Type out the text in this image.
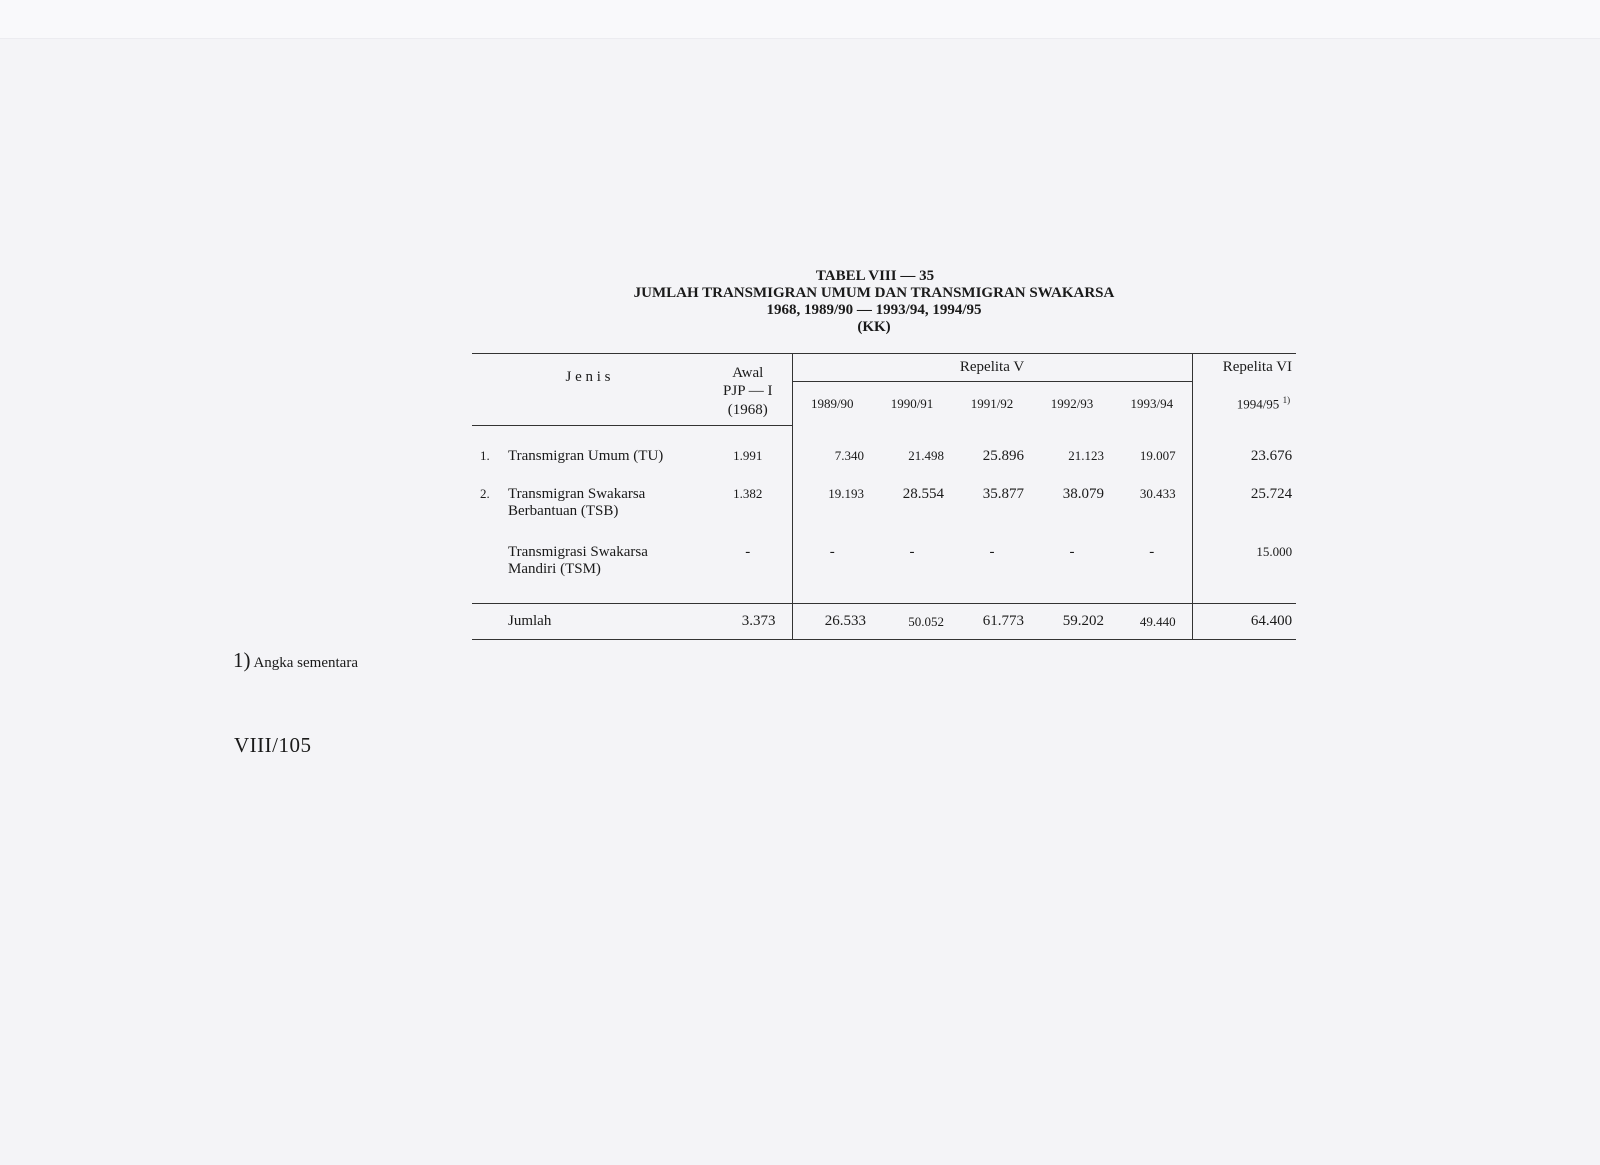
TABEL VIII — 35
JUMLAH TRANSMIGRAN UMUM DAN TRANSMIGRAN SWAKARSA
1968, 1989/90 — 1993/94, 1994/95
(KK)
J e n i s		Awal	Repelita V					Repelita VI
		PJP — I	1989/90	1990/91	1991/92	1992/93	1993/94	1994/95 $^{1)}$
		(1968)						

1.	Transmigran Umum (TU)	1.991	7.340	21.498	25.896	21.123	19.007	23.676
2.	Transmigran Swakarsa
Berbantuan (TSB)	1.382	19.193	28.554	35.877	38.079	30.433	25.724

	Transmigrasi Swakarsa
Mandiri (TSM)	-	-	-	-	-	-	15.000
	Jumlah	3.373	26.533	50.052	61.773	59.202	49.440	64.400
1) Angka sementara
VIII/105
